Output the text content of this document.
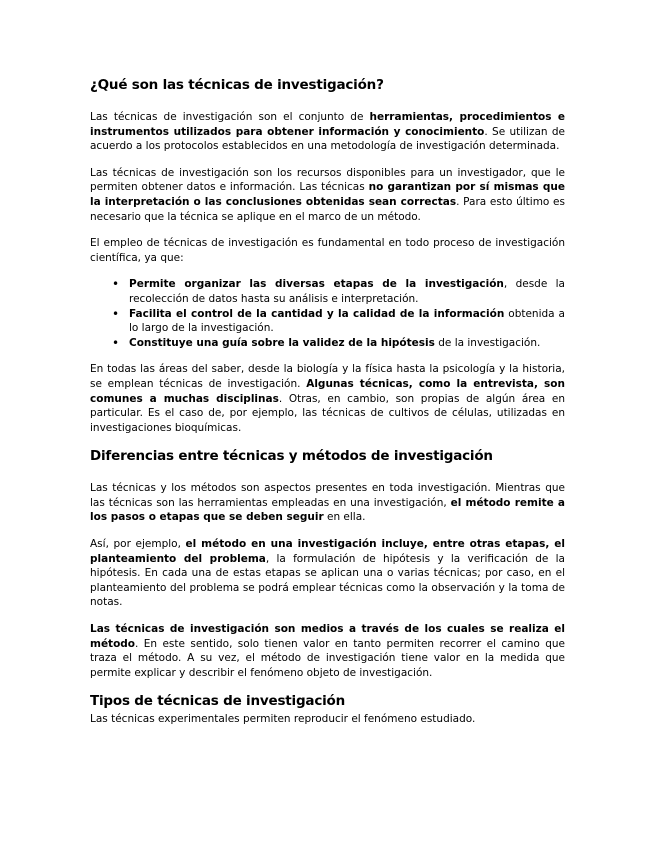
¿Qué son las técnicas de investigación?

Las técnicas de investigación son el conjunto de herramientas, procedimientos e instrumentos utilizados para obtener información y conocimiento. Se utilizan de acuerdo a los protocolos establecidos en una metodología de investigación determinada.

Las técnicas de investigación son los recursos disponibles para un investigador, que le permiten obtener datos e información. Las técnicas no garantizan por sí mismas que la interpretación o las conclusiones obtenidas sean correctas. Para esto último es necesario que la técnica se aplique en el marco de un método.

El empleo de técnicas de investigación es fundamental en todo proceso de investigación científica, ya que:

• Permite organizar las diversas etapas de la investigación, desde la recolección de datos hasta su análisis e interpretación.
• Facilita el control de la cantidad y la calidad de la información obtenida a lo largo de la investigación.
• Constituye una guía sobre la validez de la hipótesis de la investigación.

En todas las áreas del saber, desde la biología y la física hasta la psicología y la historia, se emplean técnicas de investigación. Algunas técnicas, como la entrevista, son comunes a muchas disciplinas. Otras, en cambio, son propias de algún área en particular. Es el caso de, por ejemplo, las técnicas de cultivos de células, utilizadas en investigaciones bioquímicas.

Diferencias entre técnicas y métodos de investigación

Las técnicas y los métodos son aspectos presentes en toda investigación. Mientras que las técnicas son las herramientas empleadas en una investigación, el método remite a los pasos o etapas que se deben seguir en ella.

Así, por ejemplo, el método en una investigación incluye, entre otras etapas, el planteamiento del problema, la formulación de hipótesis y la verificación de la hipótesis. En cada una de estas etapas se aplican una o varias técnicas; por caso, en el planteamiento del problema se podrá emplear técnicas como la observación y la toma de notas.

Las técnicas de investigación son medios a través de los cuales se realiza el método. En este sentido, solo tienen valor en tanto permiten recorrer el camino que traza el método. A su vez, el método de investigación tiene valor en la medida que permite explicar y describir el fenómeno objeto de investigación.

Tipos de técnicas de investigación

Las técnicas experimentales permiten reproducir el fenómeno estudiado.
